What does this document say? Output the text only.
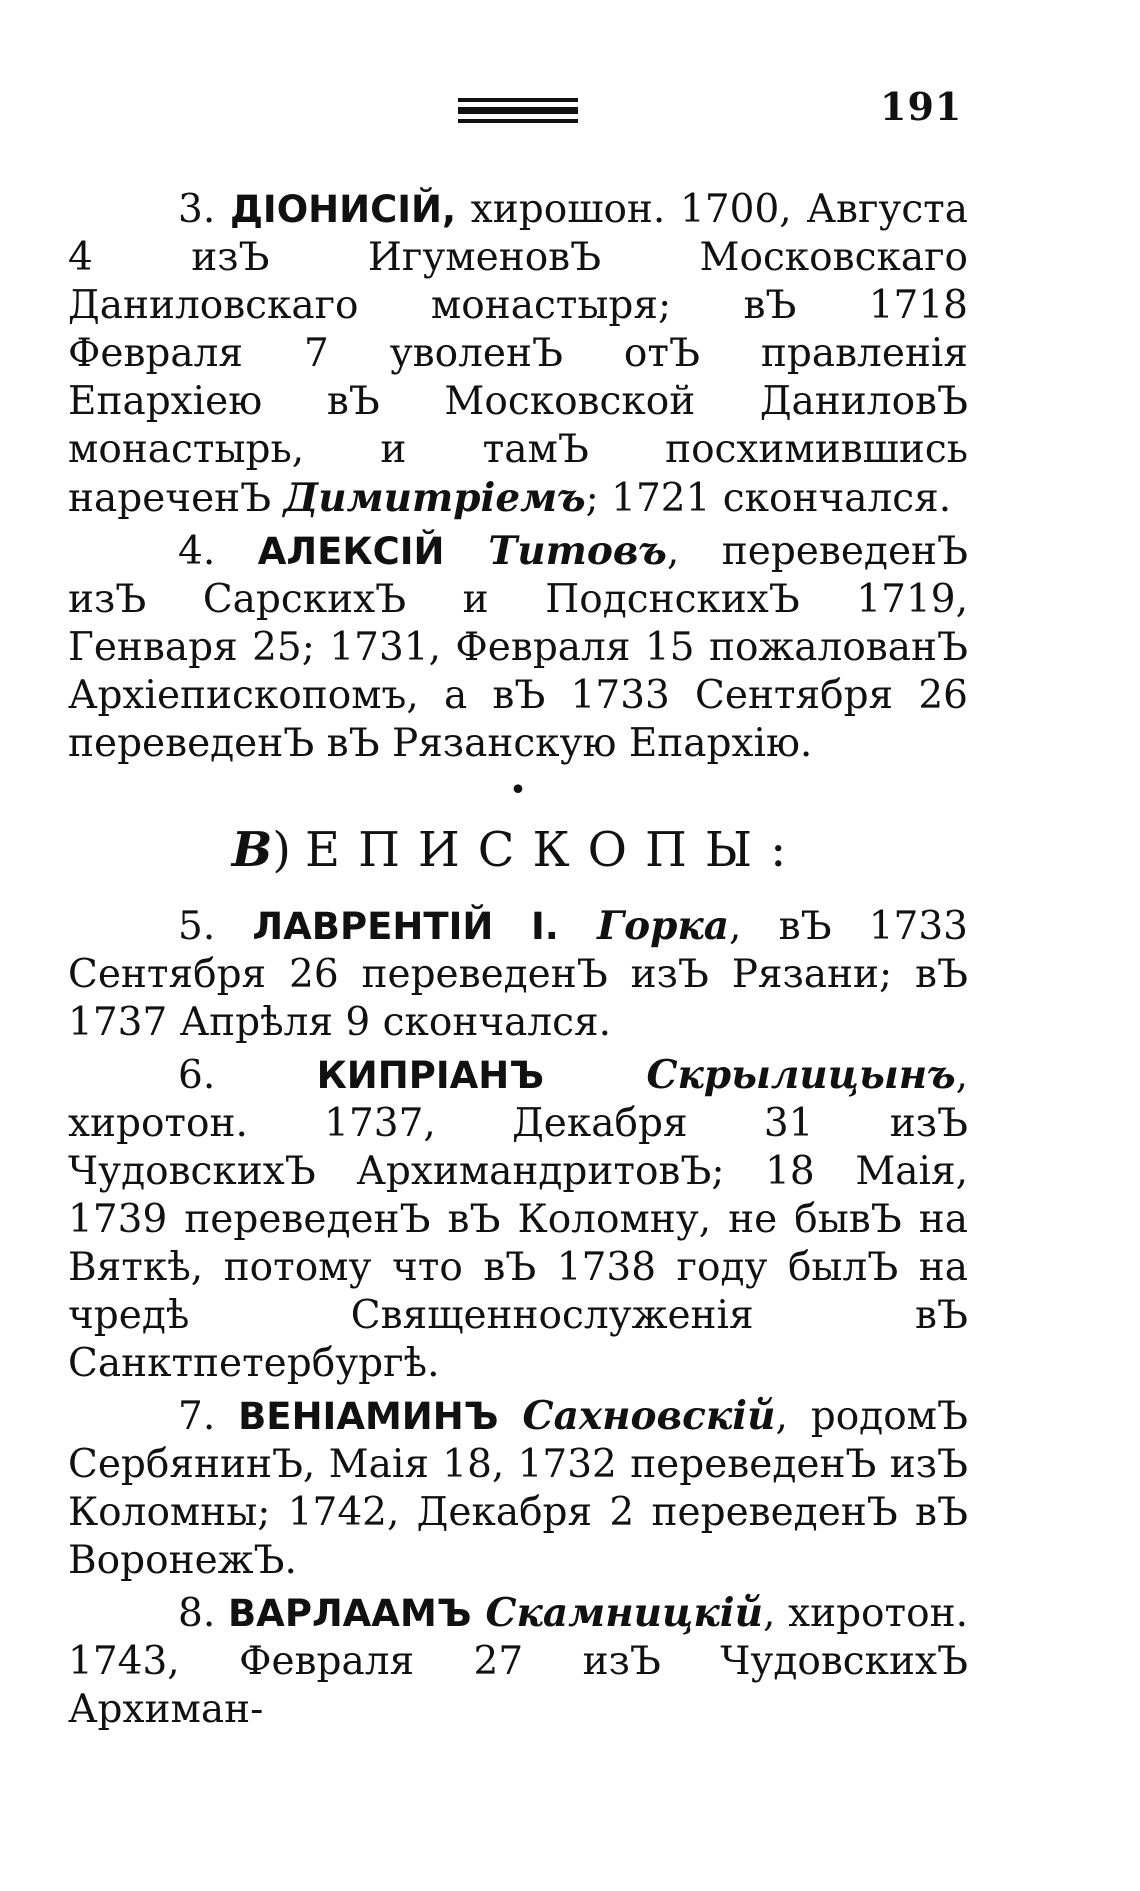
191

3. ДІОНИСІЙ, хирошон. 1700, Августа 4 изЪ ИгуменовЪ Московскаго Даниловскаго монастыря; вЪ 1718 Февраля 7 уволенЪ отЪ правленія Епархіею вЪ Московской ДаниловЪ монастырь, и тамЪ посхимившись нареченЪ Димитріемъ; 1721 скончался.

4. АЛЕКСІЙ Титовъ, переведенЪ изЪ СарскихЪ и ПодснскихЪ 1719, Генваря 25; 1731, Февраля 15 пожалованЪ Архіепископомъ, а вЪ 1733 Сентября 26 переведенЪ вЪ Рязанскую Епархію.

•
В)ЕПИСКОПЫ:

5. ЛАВРЕНТІЙ I. Горка, вЪ 1733 Сентября 26 переведенЪ изЪ Рязани; вЪ 1737 Апрѣля 9 скончался.

6.	КИПРІАНЪ Скрылицынъ, хиротон. 1737, Декабря 31 изЪ ЧудовскихЪ АрхимандритовЪ; 18 Маія, 1739 переведенЪ вЪ Коломну, не бывЪ на Вяткѣ, потому что вЪ 1738 году былЪ на чредѣ Священнослуженія вЪ Санктпетербургѣ.

7. ВЕНІАМИНЪ Сахновскій, родомЪ СербянинЪ, Маія 18, 1732 переведенЪ изЪ Коломны; 1742, Декабря 2 переведенЪ вЪ ВоронежЪ.

8. ВАРЛААМЪ Скамницкій, хиротон. 1743, Февраля 27 изЪ ЧудовскихЪ Архиман-
